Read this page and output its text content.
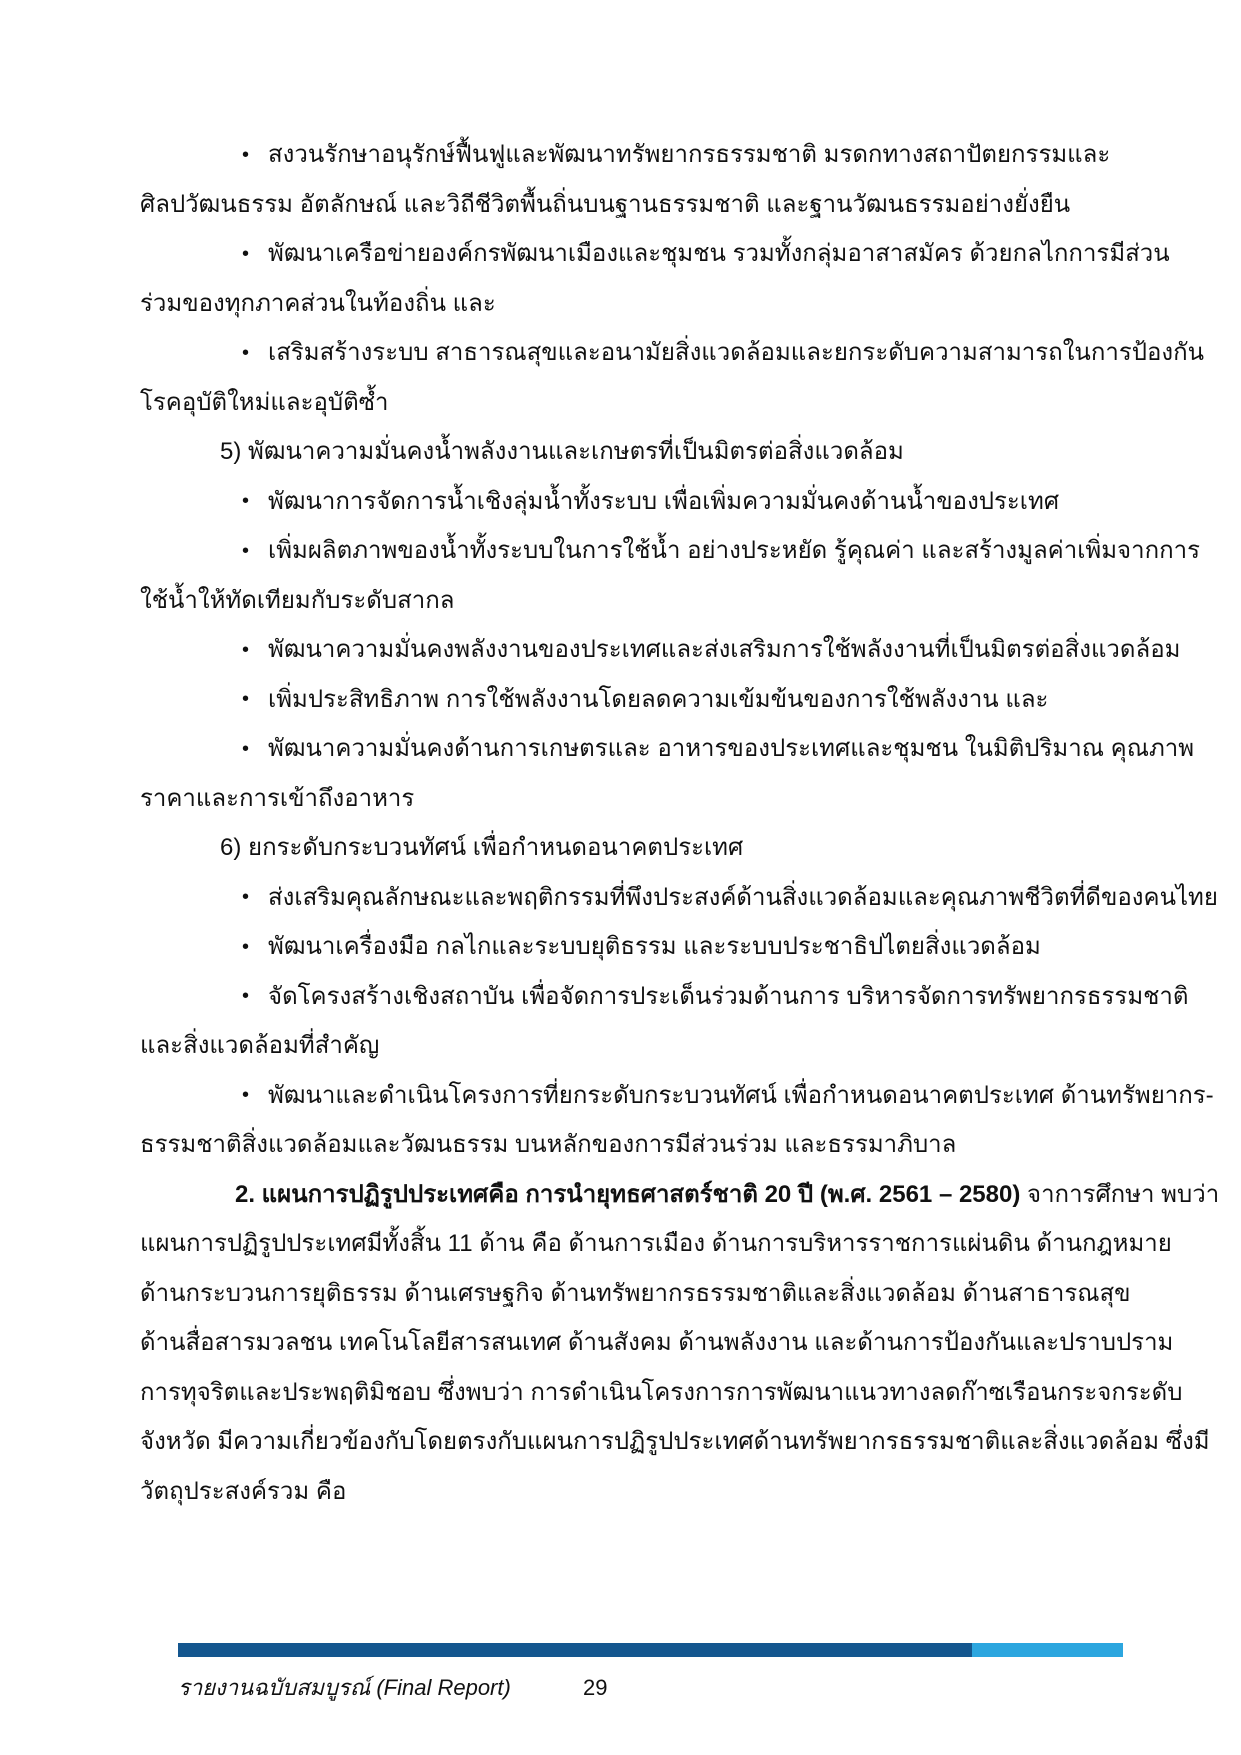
• สงวนรักษาอนุรักษ์ฟื้นฟูและพัฒนาทรัพยากรธรรมชาติ มรดกทางสถาปัตยกรรมและ
ศิลปวัฒนธรรม อัตลักษณ์ และวิถีชีวิตพื้นถิ่นบนฐานธรรมชาติ และฐานวัฒนธรรมอย่างยั่งยืน
• พัฒนาเครือข่ายองค์กรพัฒนาเมืองและชุมชน รวมทั้งกลุ่มอาสาสมัคร ด้วยกลไกการมีส่วน
ร่วมของทุกภาคส่วนในท้องถิ่น และ
• เสริมสร้างระบบ สาธารณสุขและอนามัยสิ่งแวดล้อมและยกระดับความสามารถในการป้องกัน
โรคอุบัติใหม่และอุบัติซ้ำ
5) พัฒนาความมั่นคงน้ำพลังงานและเกษตรที่เป็นมิตรต่อสิ่งแวดล้อม
• พัฒนาการจัดการน้ำเชิงลุ่มน้ำทั้งระบบ เพื่อเพิ่มความมั่นคงด้านน้ำของประเทศ
• เพิ่มผลิตภาพของน้ำทั้งระบบในการใช้น้ำ อย่างประหยัด รู้คุณค่า และสร้างมูลค่าเพิ่มจากการ
ใช้น้ำให้ทัดเทียมกับระดับสากล
• พัฒนาความมั่นคงพลังงานของประเทศและส่งเสริมการใช้พลังงานที่เป็นมิตรต่อสิ่งแวดล้อม
• เพิ่มประสิทธิภาพ การใช้พลังงานโดยลดความเข้มข้นของการใช้พลังงาน และ
• พัฒนาความมั่นคงด้านการเกษตรและ อาหารของประเทศและชุมชน ในมิติปริมาณ คุณภาพ
ราคาและการเข้าถึงอาหาร
6) ยกระดับกระบวนทัศน์ เพื่อกำหนดอนาคตประเทศ
• ส่งเสริมคุณลักษณะและพฤติกรรมที่พึงประสงค์ด้านสิ่งแวดล้อมและคุณภาพชีวิตที่ดีของคนไทย
• พัฒนาเครื่องมือ กลไกและระบบยุติธรรม และระบบประชาธิปไตยสิ่งแวดล้อม
• จัดโครงสร้างเชิงสถาบัน เพื่อจัดการประเด็นร่วมด้านการ บริหารจัดการทรัพยากรธรรมชาติ
และสิ่งแวดล้อมที่สำคัญ
• พัฒนาและดำเนินโครงการที่ยกระดับกระบวนทัศน์ เพื่อกำหนดอนาคตประเทศ ด้านทรัพยากร-
ธรรมชาติสิ่งแวดล้อมและวัฒนธรรม บนหลักของการมีส่วนร่วม และธรรมาภิบาล
2. แผนการปฏิรูปประเทศคือ การนำยุทธศาสตร์ชาติ 20 ปี (พ.ศ. 2561 – 2580) จาการศึกษา พบว่า
แผนการปฏิรูปประเทศมีทั้งสิ้น 11 ด้าน คือ ด้านการเมือง ด้านการบริหารราชการแผ่นดิน ด้านกฎหมาย
ด้านกระบวนการยุติธรรม ด้านเศรษฐกิจ ด้านทรัพยากรธรรมชาติและสิ่งแวดล้อม ด้านสาธารณสุข
ด้านสื่อสารมวลชน เทคโนโลยีสารสนเทศ ด้านสังคม ด้านพลังงาน และด้านการป้องกันและปราบปราม
การทุจริตและประพฤติมิชอบ ซึ่งพบว่า การดำเนินโครงการการพัฒนาแนวทางลดก๊าซเรือนกระจกระดับ
จังหวัด มีความเกี่ยวข้องกับโดยตรงกับแผนการปฏิรูปประเทศด้านทรัพยากรธรรมชาติและสิ่งแวดล้อม ซึ่งมี
วัตถุประสงค์รวม คือ
รายงานฉบับสมบูรณ์ (Final Report)	29
